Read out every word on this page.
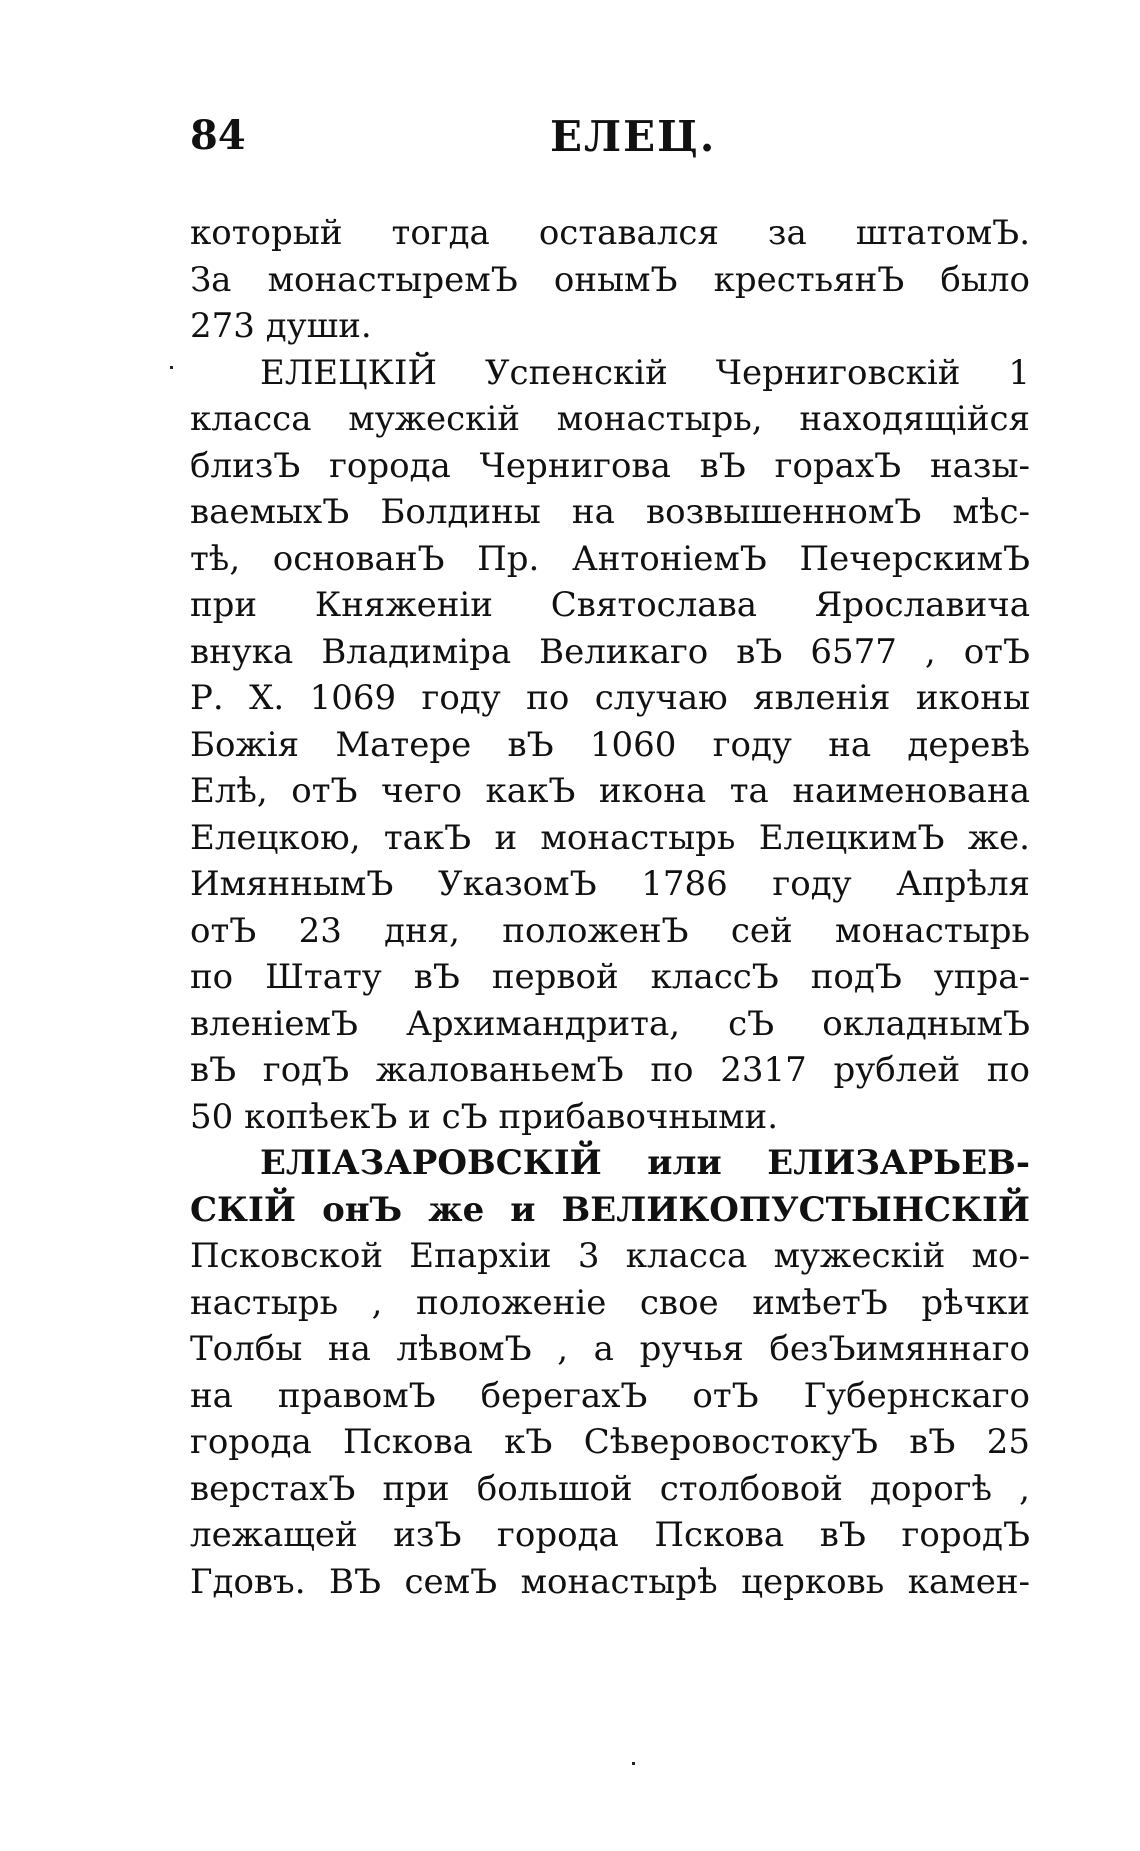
84	ЕЛЕЦ.
который тогда оставался за штатомЪ.
За монастыремЪ онымЪ крестьянЪ было
273 души.
ЕЛЕЦКІЙ Успенскій Черниговскій 1
класса мужескій монастырь, находящійся
близЪ города Чернигова вЪ горахЪ назы-
ваемыхЪ Болдины на возвышенномЪ мѣс-
тѣ, основанЪ Пр. АнтоніемЪ ПечерскимЪ
при Княженіи Святослава Ярославича
внука Владиміра Великаго вЪ 6577 , отЪ
Р. Х. 1069 году по случаю явленія иконы
Божія Матере вЪ 1060 году на деревѣ
Елѣ, отЪ чего какЪ икона та наименована
Елецкою, такЪ и монастырь ЕлецкимЪ же.
ИмяннымЪ УказомЪ 1786 году Апрѣля
отЪ 23 дня, положенЪ сей монастырь
по Штату вЪ первой классЪ подЪ упра-
вленіемЪ Архимандрита, сЪ окладнымЪ
вЪ годЪ жалованьемЪ по 2317 рублей по
50 копѣекЪ и сЪ прибавочными.
ЕЛІАЗАРОВСКІЙ или ЕЛИЗАРЬЕВ-
СКІЙ онЪ же и ВЕЛИКОПУСТЫНСКІЙ
Псковской Епархіи 3 класса мужескій мо-
настырь , положеніе свое имѣетЪ рѣчки
Толбы на лѣвомЪ , а ручья безЪимяннаго
на правомЪ берегахЪ отЪ Губернскаго
города Пскова кЪ СѣверовостокуЪ вЪ 25
верстахЪ при большой столбовой дорогѣ ,
лежащей изЪ города Пскова вЪ городЪ
Гдовъ. ВЪ семЪ монастырѣ церковь камен-
